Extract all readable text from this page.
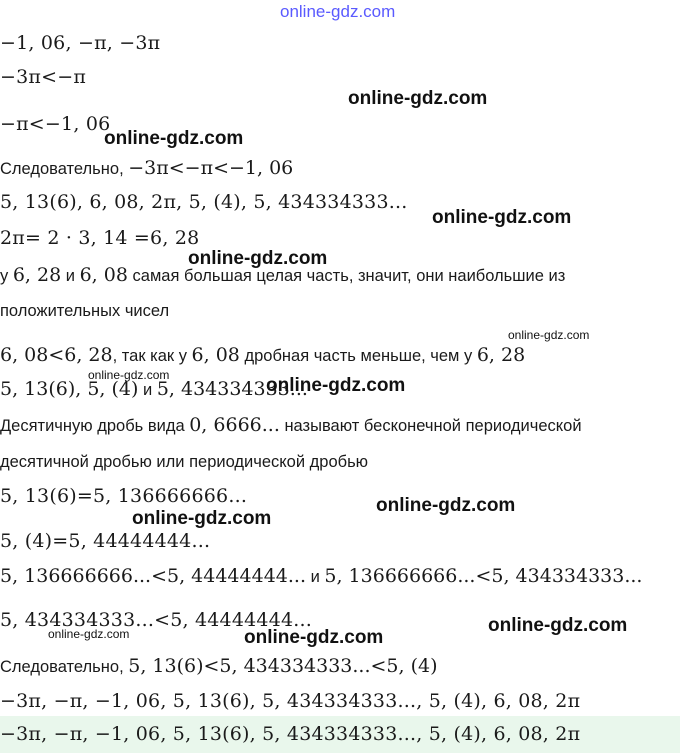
online-gdz.com
−1, 06, −π, −3π
−3π<−π
online-gdz.com
−π<−1, 06
online-gdz.com
Следовательно, −3π<−π<−1, 06
5, 13(6), 6, 08, 2π, 5, (4), 5, 434334333...
online-gdz.com
2π= 2 · 3, 14 =6, 28
online-gdz.com
у 6, 28 и 6, 08 самая большая целая часть, значит, они наибольшие из
положительных чисел
online-gdz.com
6, 08<6, 28, так как у 6, 08 дробная часть меньше, чем у 6, 28
online-gdz.com
5, 13(6), 5, (4) и 5, 434334333...
online-gdz.com
Десятичную дробь вида 0, 6666... называют бесконечной периодической
десятичной дробью или периодической дробью
5, 13(6)=5, 136666666...	online-gdz.com
online-gdz.com
5, (4)=5, 44444444...
5, 136666666...<5, 44444444... и 5, 136666666...<5, 434334333...
5, 434334333...<5, 44444444...	online-gdz.com
online-gdz.com	online-gdz.com
Следовательно, 5, 13(6)<5, 434334333...<5, (4)
−3π, −π, −1, 06, 5, 13(6), 5, 434334333..., 5, (4), 6, 08, 2π
−3π, −π, −1, 06, 5, 13(6), 5, 434334333..., 5, (4), 6, 08, 2π
